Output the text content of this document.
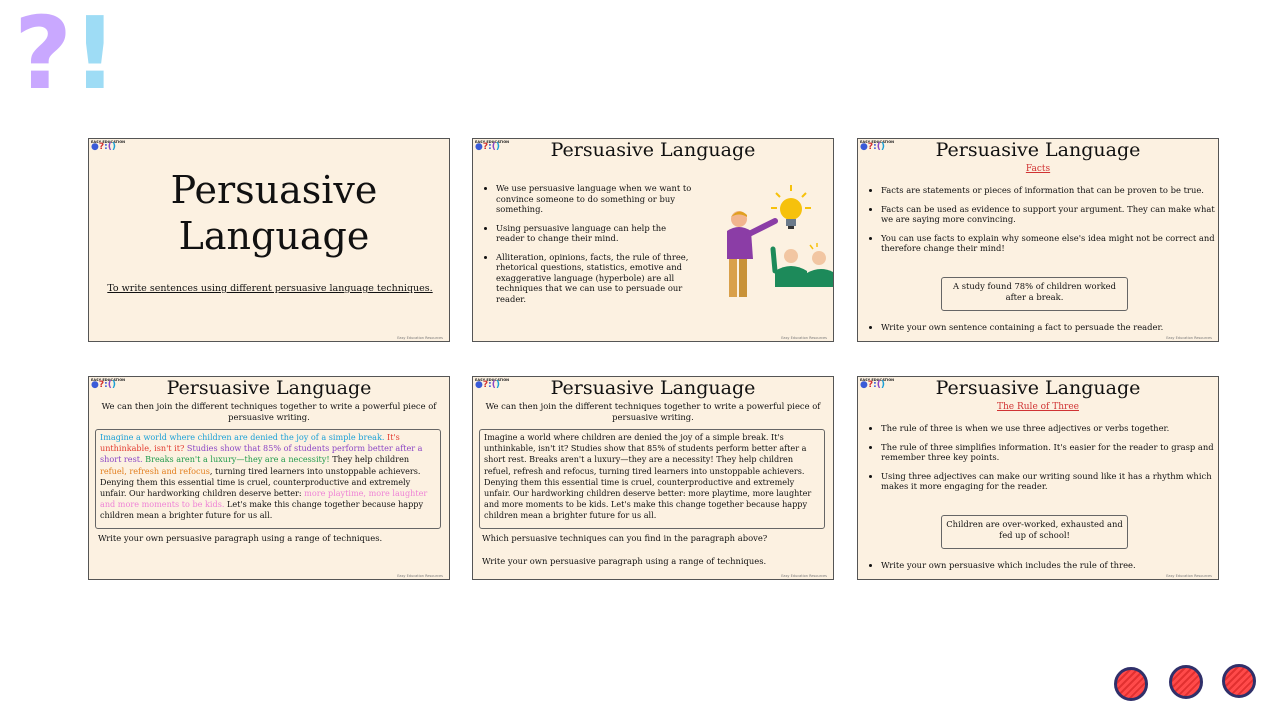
?!
EASY EDUCATION
●?:()
Persuasive
Language
To write sentences using different persuasive language techniques.
Easy Education Resources
EASY EDUCATION
●?:()	Persuasive Language
• We use persuasive language when we want to convince someone to do something or buy something.
• Using persuasive language can help the reader to change their mind.
• Alliteration, opinions, facts, the rule of three, rhetorical questions, statistics, emotive and exaggerative language (hyperbole) are all techniques that we can use to persuade our reader.
Easy Education Resources
EASY EDUCATION
●?:()	Persuasive Language
Facts
• Facts are statements or pieces of information that can be proven to be true.
• Facts can be used as evidence to support your argument. They can make what we are saying more convincing.
• You can use facts to explain why someone else's idea might not be correct and therefore change their mind!
A study found 78% of children worked after a break.
• Write your own sentence containing a fact to persuade the reader.
Easy Education Resources
EASY EDUCATION
●?:()	Persuasive Language
We can then join the different techniques together to write a powerful piece of persuasive writing.
Imagine a world where children are denied the joy of a simple break. It's unthinkable, isn't it? Studies show that 85% of students perform better after a short rest. Breaks aren't a luxury—they are a necessity! They help children refuel, refresh and refocus, turning tired learners into unstoppable achievers. Denying them this essential time is cruel, counterproductive and extremely unfair. Our hardworking children deserve better: more playtime, more laughter and more moments to be kids. Let's make this change together because happy children mean a brighter future for us all.
Write your own persuasive paragraph using a range of techniques.
Easy Education Resources
EASY EDUCATION
●?:()	Persuasive Language
We can then join the different techniques together to write a powerful piece of persuasive writing.
Imagine a world where children are denied the joy of a simple break. It's unthinkable, isn't it? Studies show that 85% of students perform better after a short rest. Breaks aren't a luxury—they are a necessity! They help children refuel, refresh and refocus, turning tired learners into unstoppable achievers. Denying them this essential time is cruel, counterproductive and extremely unfair. Our hardworking children deserve better: more playtime, more laughter and more moments to be kids. Let's make this change together because happy children mean a brighter future for us all.
Which persuasive techniques can you find in the paragraph above?
Write your own persuasive paragraph using a range of techniques.
Easy Education Resources
EASY EDUCATION
●?:()	Persuasive Language
The Rule of Three
• The rule of three is when we use three adjectives or verbs together.
• The rule of three simplifies information. It's easier for the reader to grasp and remember three key points.
• Using three adjectives can make our writing sound like it has a rhythm which makes it more engaging for the reader.
Children are over-worked, exhausted and fed up of school!
• Write your own persuasive which includes the rule of three.
Easy Education Resources
